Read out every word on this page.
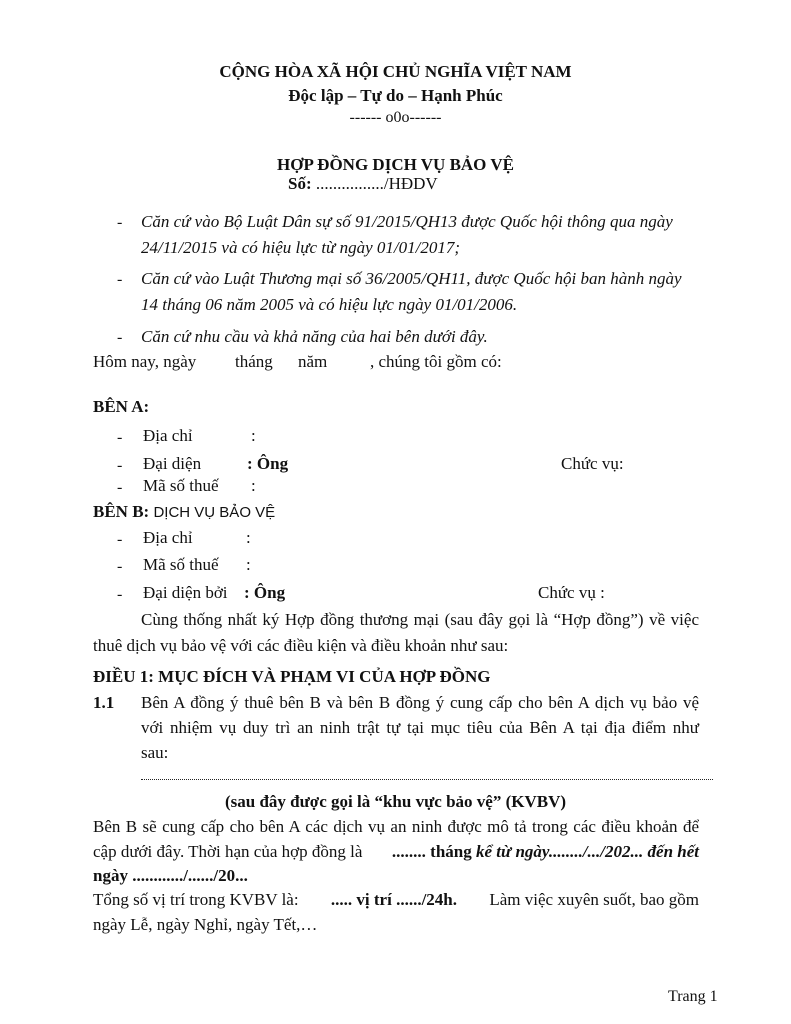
CỘNG HÒA XÃ HỘI CHỦ NGHĨA VIỆT NAM
Độc lập – Tự do – Hạnh Phúc
------ o0o------
HỢP ĐỒNG DỊCH VỤ BẢO VỆ
Số: ................/HĐDV
- Căn cứ vào Bộ Luật Dân sự số 91/2015/QH13 được Quốc hội thông qua ngày
24/11/2015 và có hiệu lực từ ngày 01/01/2017;
- Căn cứ vào Luật Thương mại số 36/2005/QH11, được Quốc hội ban hành ngày
14 tháng 06 năm 2005 và có hiệu lực ngày 01/01/2006.
- Căn cứ nhu cầu và khả năng của hai bên dưới đây.
Hôm nay, ngày tháng năm	, chúng tôi gồm có:
BÊN A:
- Địa chỉ	:
- Đại diện	: Ông	Chức vụ:
- Mã số thuế :
BÊN B: DỊCH VỤ BẢO VỆ
- Địa chỉ	:
- Mã số thuế :
- Đại diện bởi : Ông	Chức vụ :
Cùng thống nhất ký Hợp đồng thương mại (sau đây gọi là “Hợp đồng”) về việc
thuê dịch vụ bảo vệ với các điều kiện và điều khoản như sau:
ĐIỀU 1: MỤC ĐÍCH VÀ PHẠM VI CỦA HỢP ĐỒNG
1.1 Bên A đồng ý thuê bên B và bên B đồng ý cung cấp cho bên A dịch vụ bảo vệ
với nhiệm vụ duy trì an ninh trật tự tại mục tiêu của Bên A tại địa điểm như
sau:
(sau đây được gọi là “khu vực bảo vệ” (KVBV)
Bên B sẽ cung cấp cho bên A các dịch vụ an ninh được mô tả trong các điều khoản để
cập dưới đây. Thời hạn của hợp đồng là	........ tháng kể từ ngày......../.../202... đến hết
ngày ............/....../20...
Tổng số vị trí trong KVBV là: ..... vị trí ....../24h. Làm việc xuyên suốt, bao gồm
ngày Lễ, ngày Nghỉ, ngày Tết,…
Trang 1
